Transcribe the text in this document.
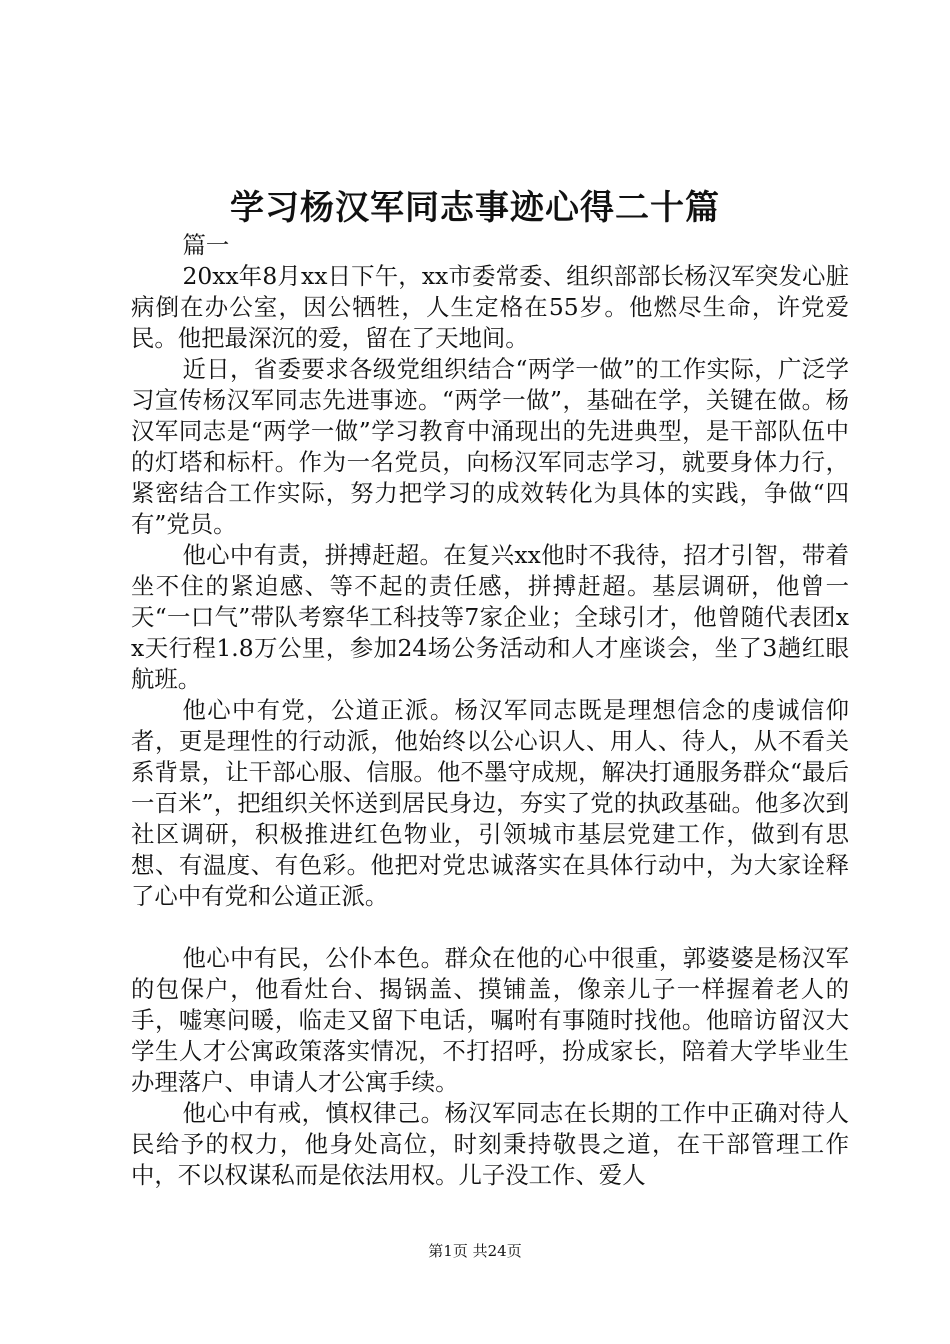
学习杨汉军同志事迹心得二十篇

篇一

20xx年8月xx日下午，xx市委常委、组织部部长杨汉军突发心脏病倒在办公室，因公牺牲，人生定格在55岁。他燃尽生命，许党爱民。他把最深沉的爱，留在了天地间。

近日，省委要求各级党组织结合“两学一做”的工作实际，广泛学习宣传杨汉军同志先进事迹。“两学一做”，基础在学，关键在做。杨汉军同志是“两学一做”学习教育中涌现出的先进典型，是干部队伍中的灯塔和标杆。作为一名党员，向杨汉军同志学习，就要身体力行，紧密结合工作实际，努力把学习的成效转化为具体的实践，争做“四有”党员。

他心中有责，拼搏赶超。在复兴xx他时不我待，招才引智，带着坐不住的紧迫感、等不起的责任感，拼搏赶超。基层调研，他曾一天“一口气”带队考察华工科技等7家企业；全球引才，他曾随代表团xx天行程1.8万公里，参加24场公务活动和人才座谈会，坐了3趟红眼航班。

他心中有党，公道正派。杨汉军同志既是理想信念的虔诚信仰者，更是理性的行动派，他始终以公心识人、用人、待人，从不看关系背景，让干部心服、信服。他不墨守成规，解决打通服务群众“最后一百米”，把组织关怀送到居民身边，夯实了党的执政基础。他多次到社区调研，积极推进红色物业，引领城市基层党建工作，做到有思想、有温度、有色彩。他把对党忠诚落实在具体行动中，为大家诠释了心中有党和公道正派。

他心中有民，公仆本色。群众在他的心中很重，郭婆婆是杨汉军的包保户，他看灶台、揭锅盖、摸铺盖，像亲儿子一样握着老人的手，嘘寒问暖，临走又留下电话，嘱咐有事随时找他。他暗访留汉大学生人才公寓政策落实情况，不打招呼，扮成家长，陪着大学毕业生办理落户、申请人才公寓手续。

他心中有戒，慎权律己。杨汉军同志在长期的工作中正确对待人民给予的权力，他身处高位，时刻秉持敬畏之道，在干部管理工作中，不以权谋私而是依法用权。儿子没工作、爱人

第1页 共24页
